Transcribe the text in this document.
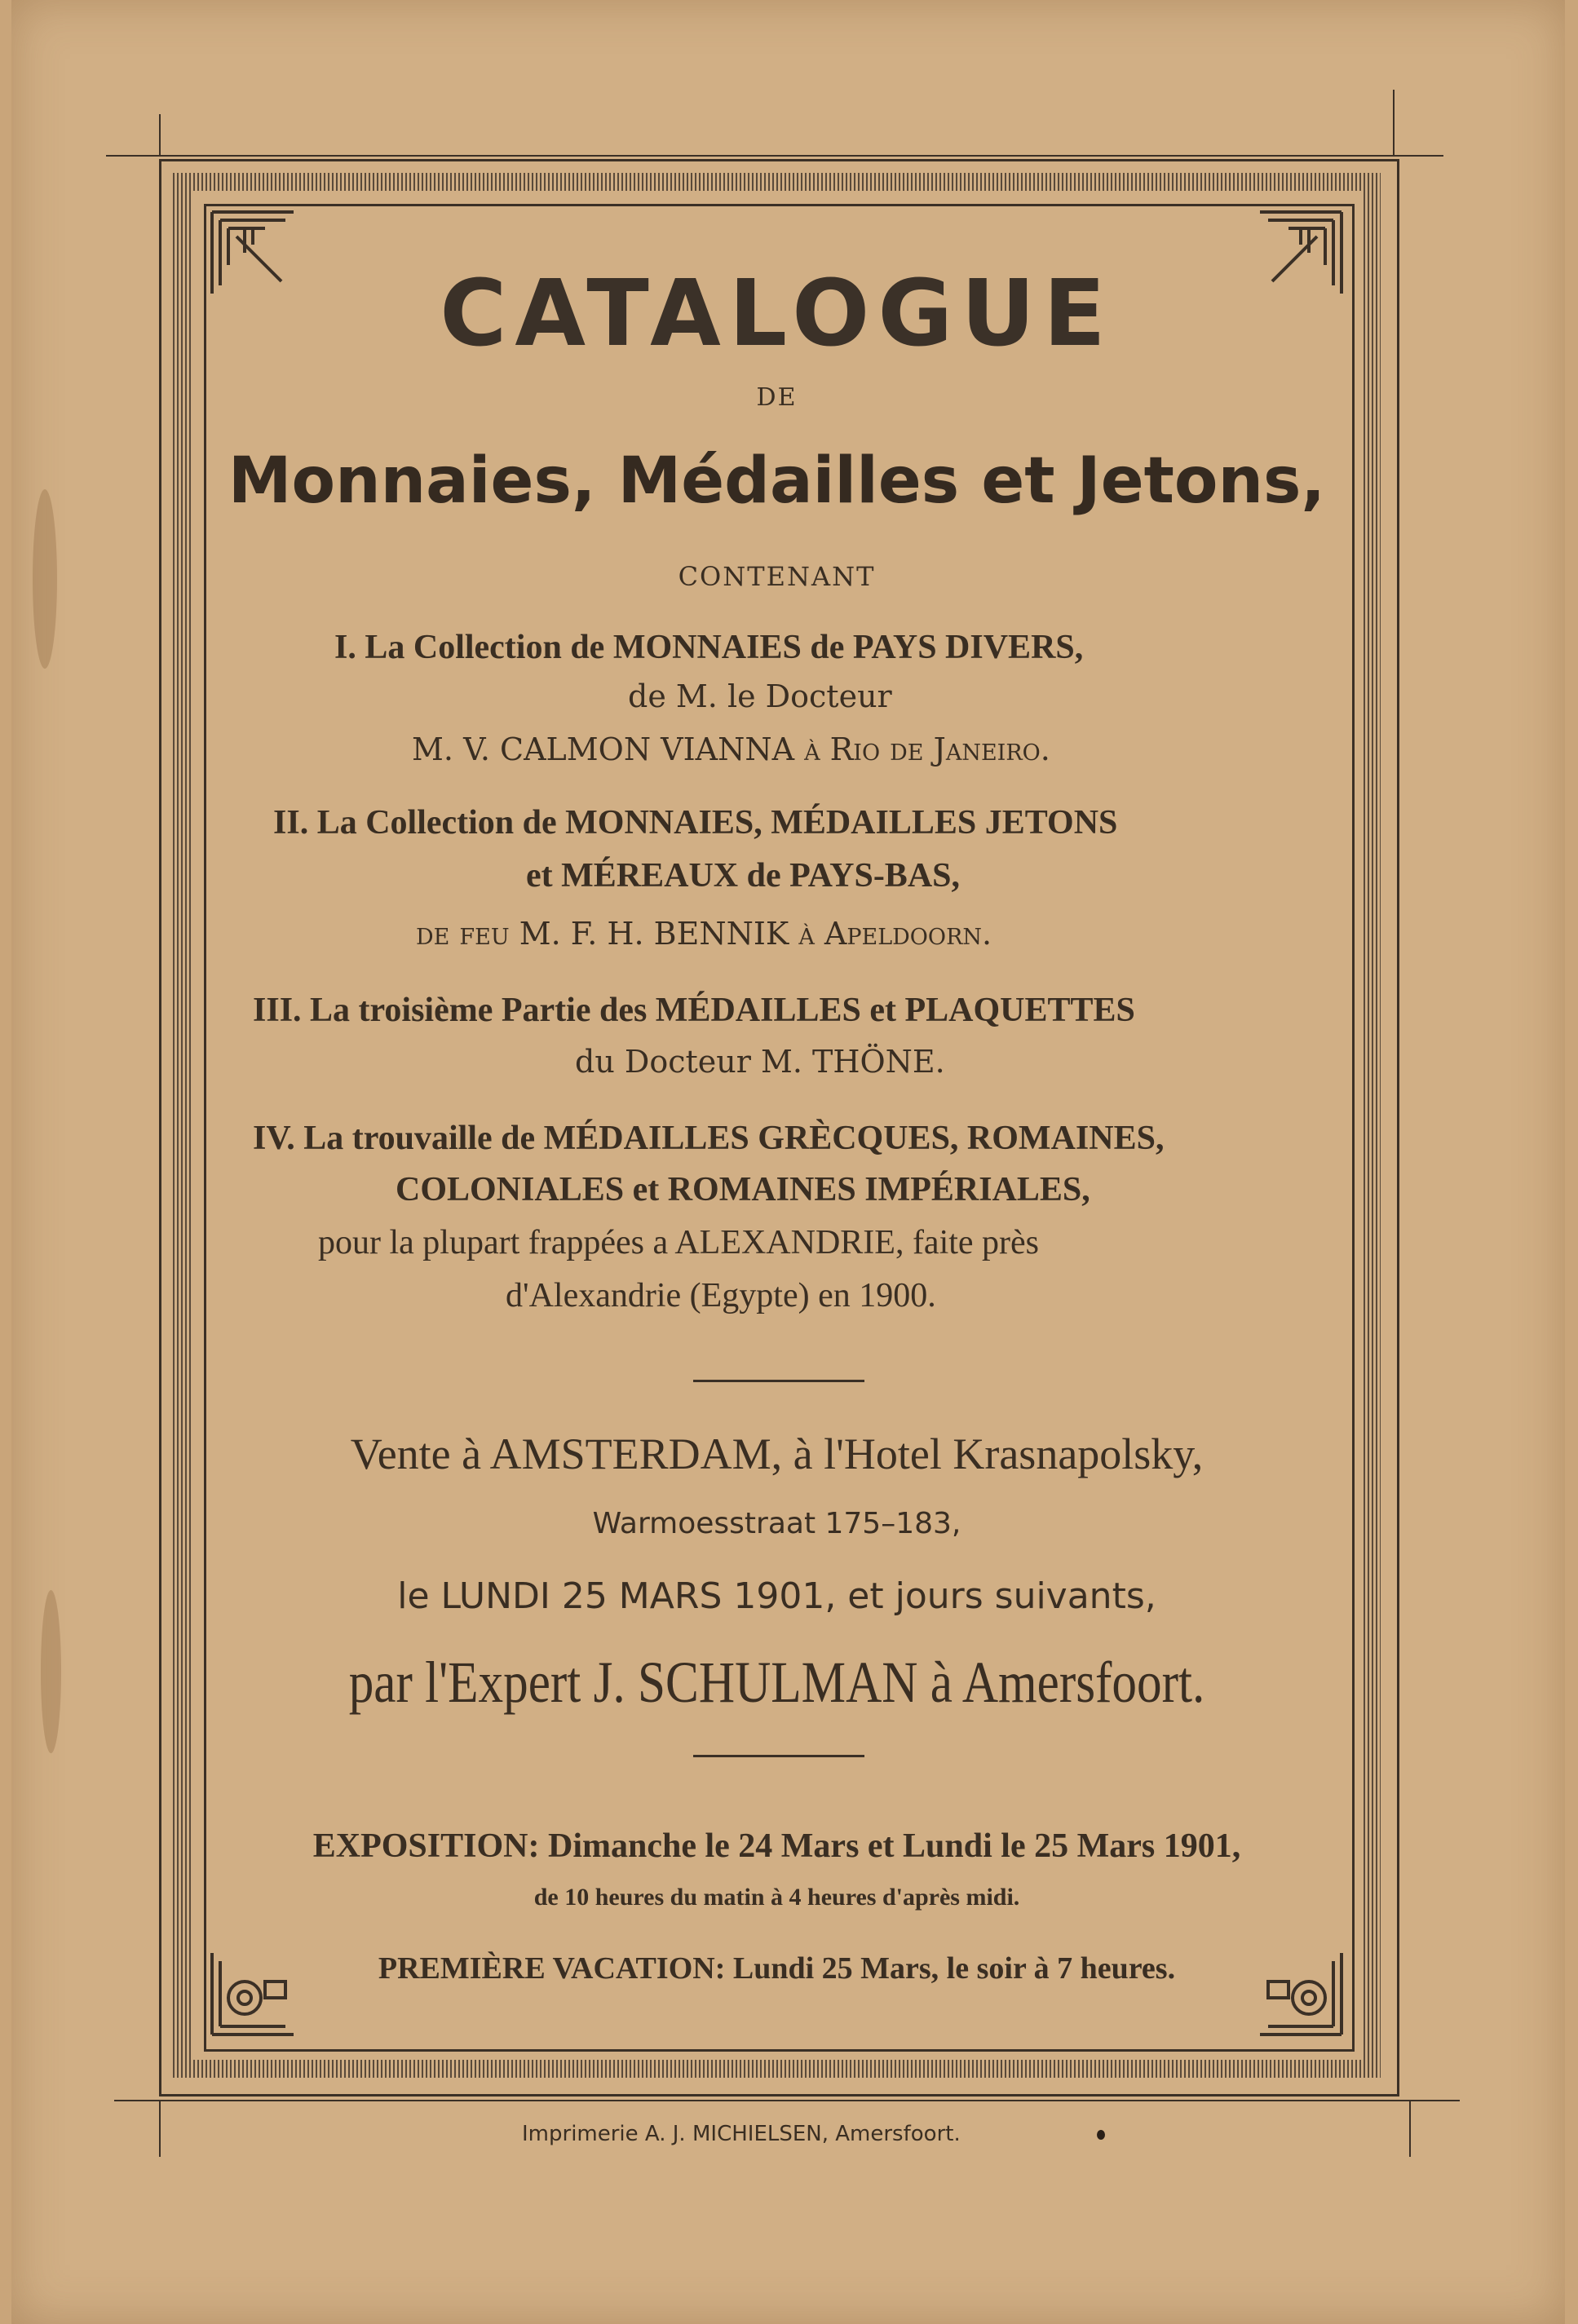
CATALOGUE
DE
Monnaies, Médailles et Jetons,
CONTENANT
I. La Collection de MONNAIES de PAYS DIVERS,
de M. le Docteur
M. V. CALMON VIANNA à Rio de Janeiro.
II. La Collection de MONNAIES, MÉDAILLES JETONS
et MÉREAUX de PAYS-BAS,
de feu M. F. H. BENNIK à Apeldoorn.
III. La troisième Partie des MÉDAILLES et PLAQUETTES
du Docteur M. THÖNE.
IV. La trouvaille de MÉDAILLES GRÈCQUES, ROMAINES,
COLONIALES et ROMAINES IMPÉRIALES,
pour la plupart frappées a ALEXANDRIE, faite près
d'Alexandrie (Egypte) en 1900.
Vente à AMSTERDAM, à l'Hotel Krasnapolsky,
Warmoesstraat 175–183,
le LUNDI 25 MARS 1901, et jours suivants,
par l'Expert J. SCHULMAN à Amersfoort.
EXPOSITION: Dimanche le 24 Mars et Lundi le 25 Mars 1901,
de 10 heures du matin à 4 heures d'après midi.
PREMIÈRE VACATION: Lundi 25 Mars, le soir à 7 heures.
Imprimerie A. J. MICHIELSEN, Amersfoort.
